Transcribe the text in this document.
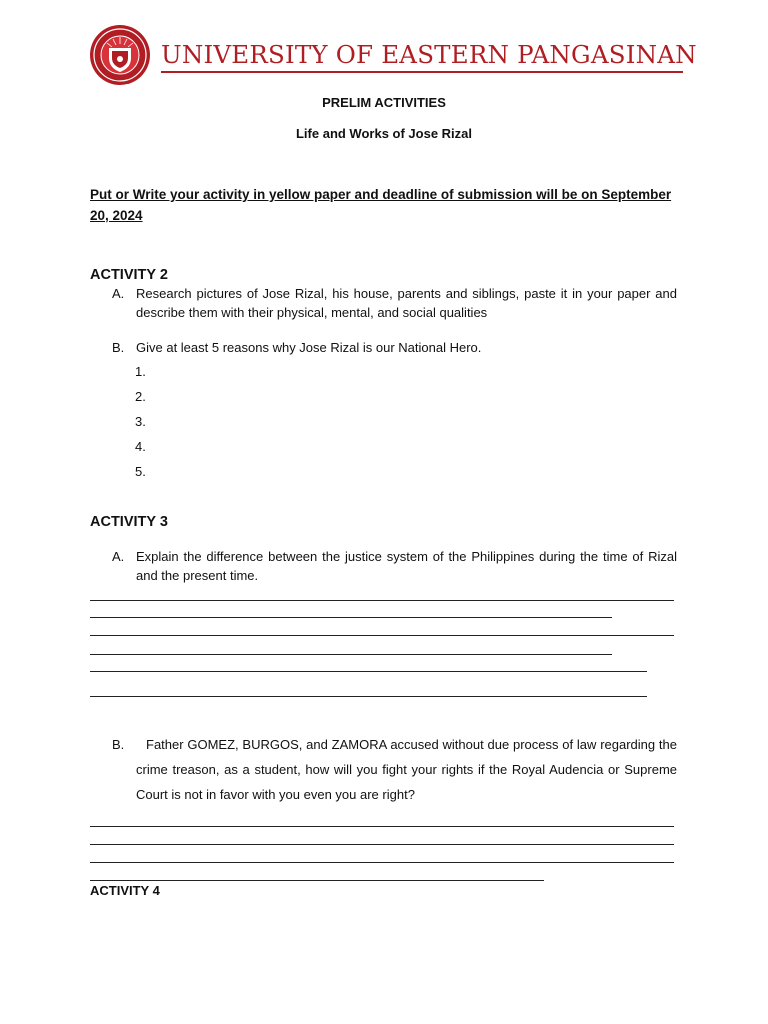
UNIVERSITY OF EASTERN PANGASINAN
PRELIM ACTIVITIES
Life and Works of Jose Rizal
Put or Write your activity in yellow paper and deadline of submission will be on September 20, 2024
ACTIVITY 2
A. Research pictures of Jose Rizal, his house, parents and siblings, paste it in your paper and describe them with their physical, mental, and social qualities
B. Give at least 5 reasons why Jose Rizal is our National Hero.
1.
2.
3.
4.
5.
ACTIVITY 3
A. Explain the difference between the justice system of the Philippines during the time of Rizal and the present time.
B.	Father GOMEZ, BURGOS, and ZAMORA accused without due process of law regarding the crime treason, as a student, how will you fight your rights if the Royal Audencia or Supreme Court is not in favor with you even you are right?
ACTIVITY 4
